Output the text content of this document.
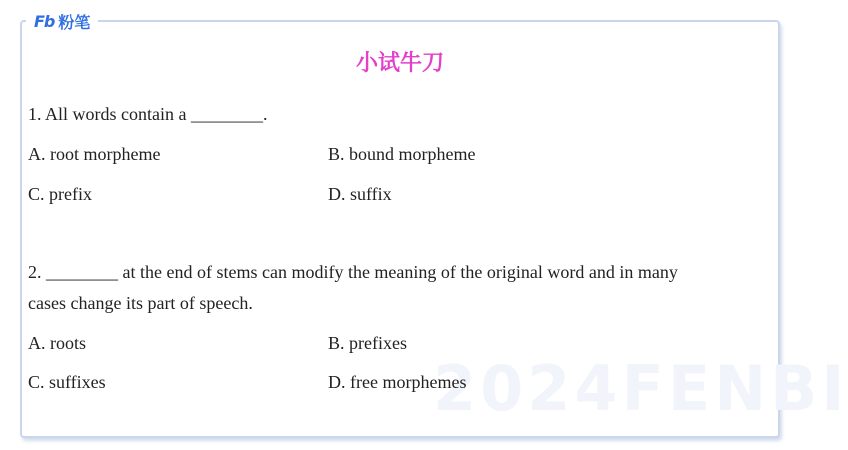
2024FENBI
Fb 粉笔
小试牛刀
1. All words contain a ________.
A. root morpheme	B. bound morpheme
C. prefix	D. suffix
2. ________ at the end of stems can modify the meaning of the original word and in many
cases change its part of speech.
A. roots	B. prefixes
C. suffixes	D. free morphemes
